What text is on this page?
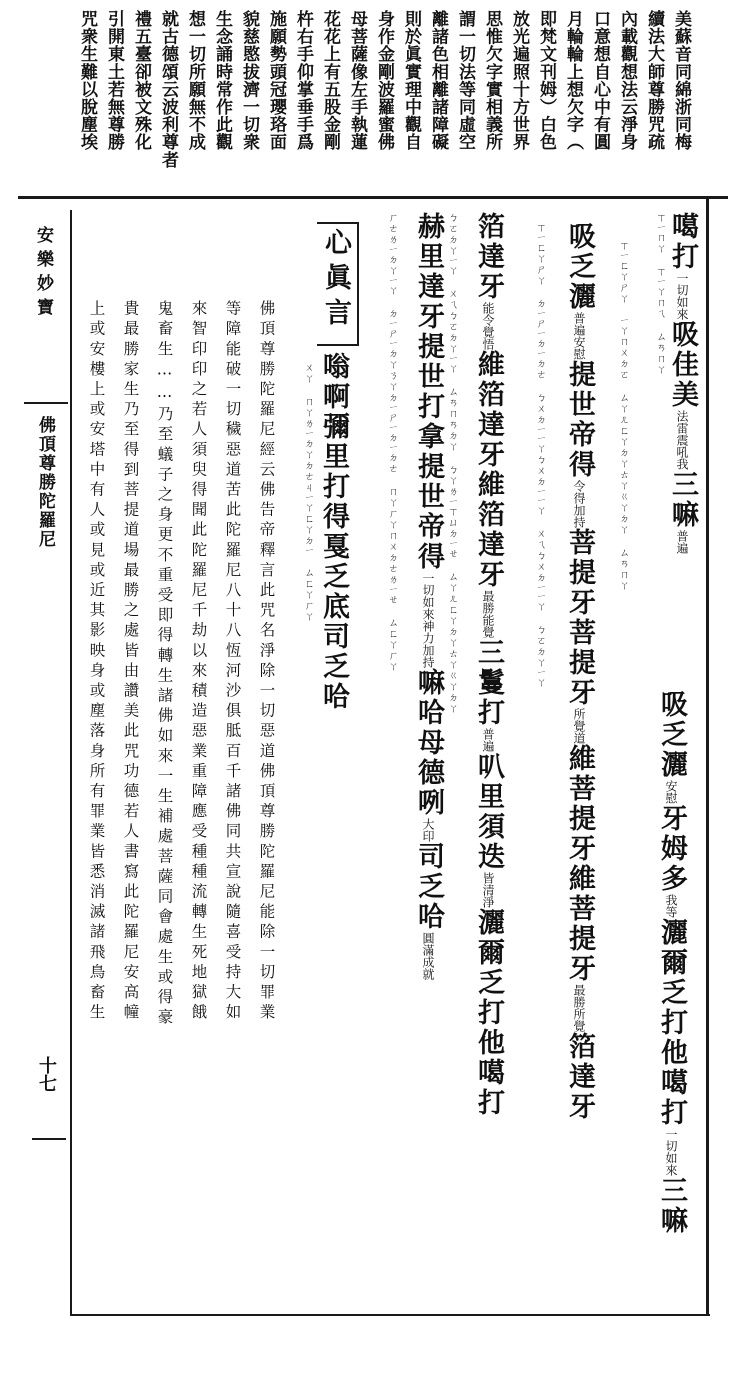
美蘇音同綿浙同梅
續法大師尊勝咒疏
內載觀想法云淨身
口意想自心中有圓
月輪輪上想欠字（
即梵文刊姆）白色
放光遍照十方世界
思惟欠字實相義所
謂一切法等同虛空
離諸色相離諸障礙
則於眞實理中觀自
身作金剛波羅蜜佛
母菩薩像左手執蓮
花花上有五股金剛
杵右手仰掌垂手爲
施願勢頭冠瓔珞面
貌慈愍拔濟一切衆
生念誦時常作此觀
想一切所願無不成
就古德頌云波利尊者
禮五臺卻被文殊化
引開東土若無尊勝
咒衆生難以脫塵埃
安樂妙寶
佛頂尊勝陀羅尼
十七
噶打一切如來吸佳美法雷震吼我三嘛普遍
ㄒㄧㄇㄚ ㄒㄧㄚㄇㄟ ㄙㄢㄇㄚ
吸乏灑安慰牙姆多我等灑爾乏打他噶打一切如來三嘛
ㄒㄧㄈㄚㄕㄚ ㄧㄚㄇㄨㄉㄛ ㄙㄚㄦㄈㄚㄉㄚㄊㄚㄍㄚㄉㄚ ㄙㄢㄇㄚ
吸乏灑普遍安慰提世帝得令得加持菩提牙菩提牙所覺道維菩提牙維菩提牙最勝所覺箔達牙
ㄒㄧㄈㄚㄕㄚ ㄉㄧㄕㄧㄉㄧㄉㄜ ㄅㄨㄉㄧㄧㄚㄅㄨㄉㄧㄧㄚ ㄨㄟㄅㄨㄉㄧㄧㄚ ㄅㄛㄉㄚㄧㄚ
箔達牙能令覺悟維箔達牙維箔達牙最勝能覺三鬘打普遍叭里須迭皆清淨灑爾乏打他噶打
ㄅㄛㄉㄚㄧㄚ ㄨㄟㄅㄛㄉㄚㄧㄚ ㄙㄢㄇㄢㄉㄚ ㄅㄚㄌㄧㄒㄩㄉㄧㄝ ㄙㄚㄦㄈㄚㄉㄚㄊㄚㄍㄚㄉㄚ
赫里達牙提世打拿提世帝得一切如來神力加持嘛哈母德咧大印司乏哈圓滿成就
ㄏㄜㄌㄧㄉㄚㄧㄚ ㄉㄧㄕㄧㄉㄚㄋㄚㄉㄧㄕㄧㄉㄧㄉㄜ ㄇㄚㄏㄚㄇㄨㄉㄜㄌㄧㄝ ㄙㄈㄚㄏㄚ
心眞言
嗡啊彌里打得戛乏底司乏哈
ㄨㄚ ㄇㄚㄌㄧㄉㄚㄉㄜㄐㄧㄚㄈㄚㄉㄧ ㄙㄈㄚㄏㄚ
佛頂尊勝陀羅尼經云佛告帝釋言此咒名淨除一切惡道佛頂尊勝陀羅尼能除一切罪業
等障能破一切穢惡道苦此陀羅尼八十八恆河沙俱胝百千諸佛同共宣說隨喜受持大如
來智印印之若人須臾得聞此陀羅尼千劫以來積造惡業重障應受種種流轉生死地獄餓
鬼畜生……乃至蟻子之身更不重受即得轉生諸佛如來一生補處菩薩同會處生或得豪
貴最勝家生乃至得到菩提道場最勝之處皆由讚美此咒功德若人書寫此陀羅尼安高幢
上或安樓上或安塔中有人或見或近其影映身或塵落身所有罪業皆悉消滅諸飛鳥畜生
